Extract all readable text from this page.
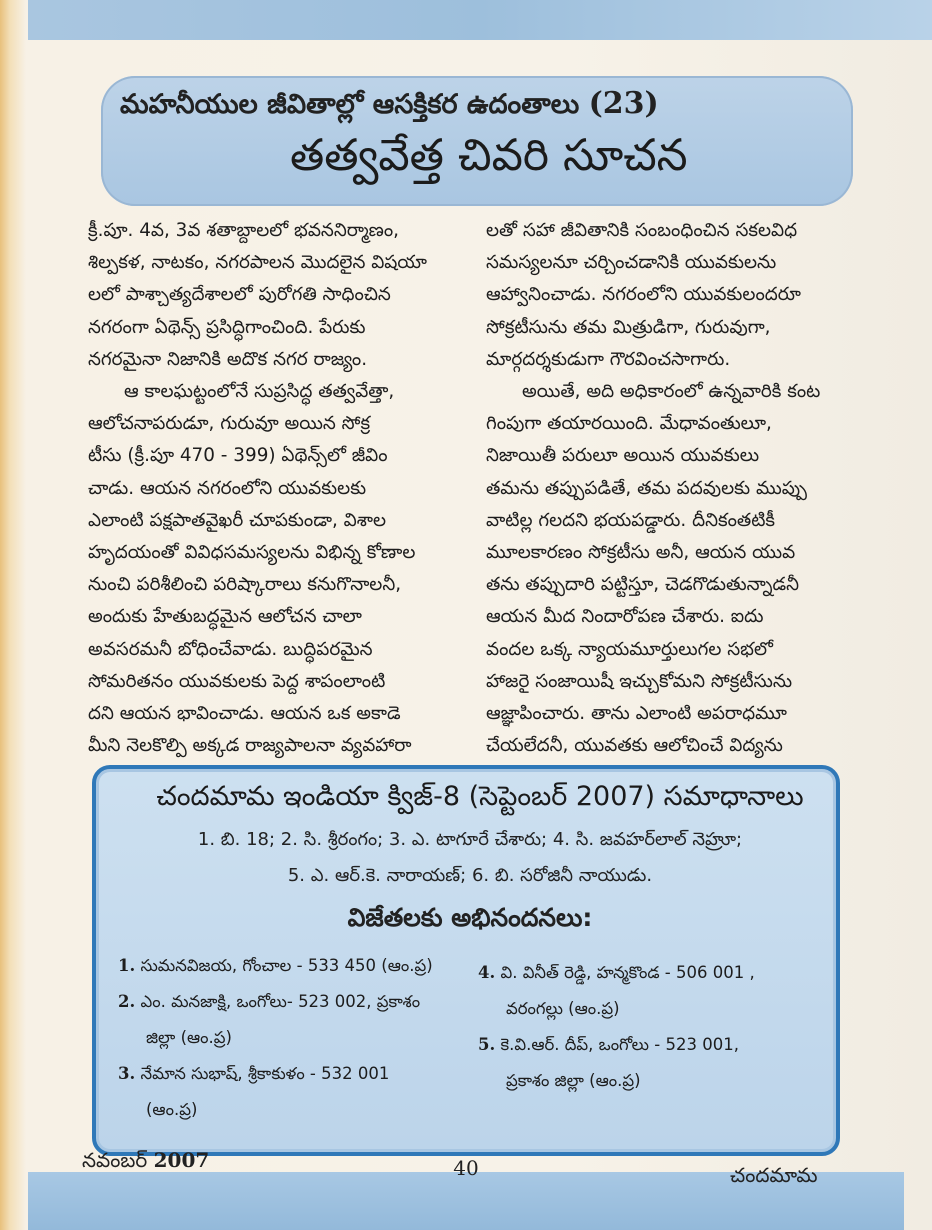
మహనీయుల జీవితాల్లో ఆసక్తికర ఉదంతాలు (23)
తత్వవేత్త చివరి సూచన

క్రీ.పూ. 4వ, 3వ శతాబ్దాలలో భవననిర్మాణం,

శిల్పకళ, నాటకం, నగరపాలన మొదలైన విషయా

లలో పాశ్చాత్యదేశాలలో పురోగతి సాధించిన

నగరంగా ఏథెన్స్ ప్రసిద్ధిగాంచింది. పేరుకు

నగరమైనా నిజానికి అదొక నగర రాజ్యం.

ఆ కాలఘట్టంలోనే సుప్రసిద్ధ తత్వవేత్తా,

ఆలోచనాపరుడూ, గురువూ అయిన సోక్ర

టీసు (క్రీ.పూ 470 - 399) ఏథెన్స్‌లో జీవిం

చాడు. ఆయన నగరంలోని యువకులకు

ఎలాంటి పక్షపాతవైఖరీ చూపకుండా, విశాల

హృదయంతో వివిధసమస్యలను విభిన్న కోణాల

నుంచి పరిశీలించి పరిష్కారాలు కనుగొనాలనీ,

అందుకు హేతుబద్ధమైన ఆలోచన చాలా

అవసరమనీ బోధించేవాడు. బుద్ధిపరమైన

సోమరితనం యువకులకు పెద్ద శాపంలాంటి

దని ఆయన భావించాడు. ఆయన ఒక అకాడె

మీని నెలకొల్పి అక్కడ రాజ్యపాలనా వ్యవహారా

లతో సహా జీవితానికి సంబంధించిన సకలవిధ

సమస్యలనూ చర్చించడానికి యువకులను

ఆహ్వానించాడు. నగరంలోని యువకులందరూ

సోక్రటీసును తమ మిత్రుడిగా, గురువుగా,

మార్గదర్శకుడుగా గౌరవించసాగారు.

అయితే, అది అధికారంలో ఉన్నవారికి కంట

గింపుగా తయారయింది. మేధావంతులూ,

నిజాయితీ పరులూ అయిన యువకులు

తమను తప్పుపడితే, తమ పదవులకు ముప్పు

వాటిల్ల గలదని భయపడ్డారు. దీనికంతటికీ

మూలకారణం సోక్రటీసు అనీ, ఆయన యువ

తను తప్పుదారి పట్టిస్తూ, చెడగొడుతున్నాడనీ

ఆయన మీద నిందారోపణ చేశారు. ఐదు

వందల ఒక్క న్యాయమూర్తులుగల సభలో

హాజరై సంజాయిషీ ఇచ్చుకోమని సోక్రటీసును

ఆజ్ఞాపించారు. తాను ఎలాంటి అపరాధమూ

చేయలేదనీ, యువతకు ఆలోచించే విద్యను

చందమామ ఇండియా క్విజ్-8 (సెప్టెంబర్ 2007) సమాధానాలు
1. బి. 18; 2. సి. శ్రీరంగం; 3. ఎ. టాగూరే చేశారు; 4. సి. జవహర్‌లాల్ నెహ్రూ;
5. ఎ. ఆర్.కె. నారాయణ్; 6. బి. సరోజినీ నాయుడు.
విజేతలకు అభినందనలు:
1. సుమనవిజయ, గోంచాల - 533 450 (ఆం.ప్ర)
2. ఎం. మనజాక్షి, ఒంగోలు- 523 002, ప్రకాశం
జిల్లా (ఆం.ప్ర)
3. నేమాన సుభాష్, శ్రీకాకుళం - 532 001
(ఆం.ప్ర)
4. వి. వినీత్ రెడ్డి, హన్మకొండ - 506 001 ,
వరంగల్లు (ఆం.ప్ర)
5. కె.వి.ఆర్. దీప్, ఒంగోలు - 523 001,
ప్రకాశం జిల్లా (ఆం.ప్ర)
నవంబర్ 2007	40	చందమామ
